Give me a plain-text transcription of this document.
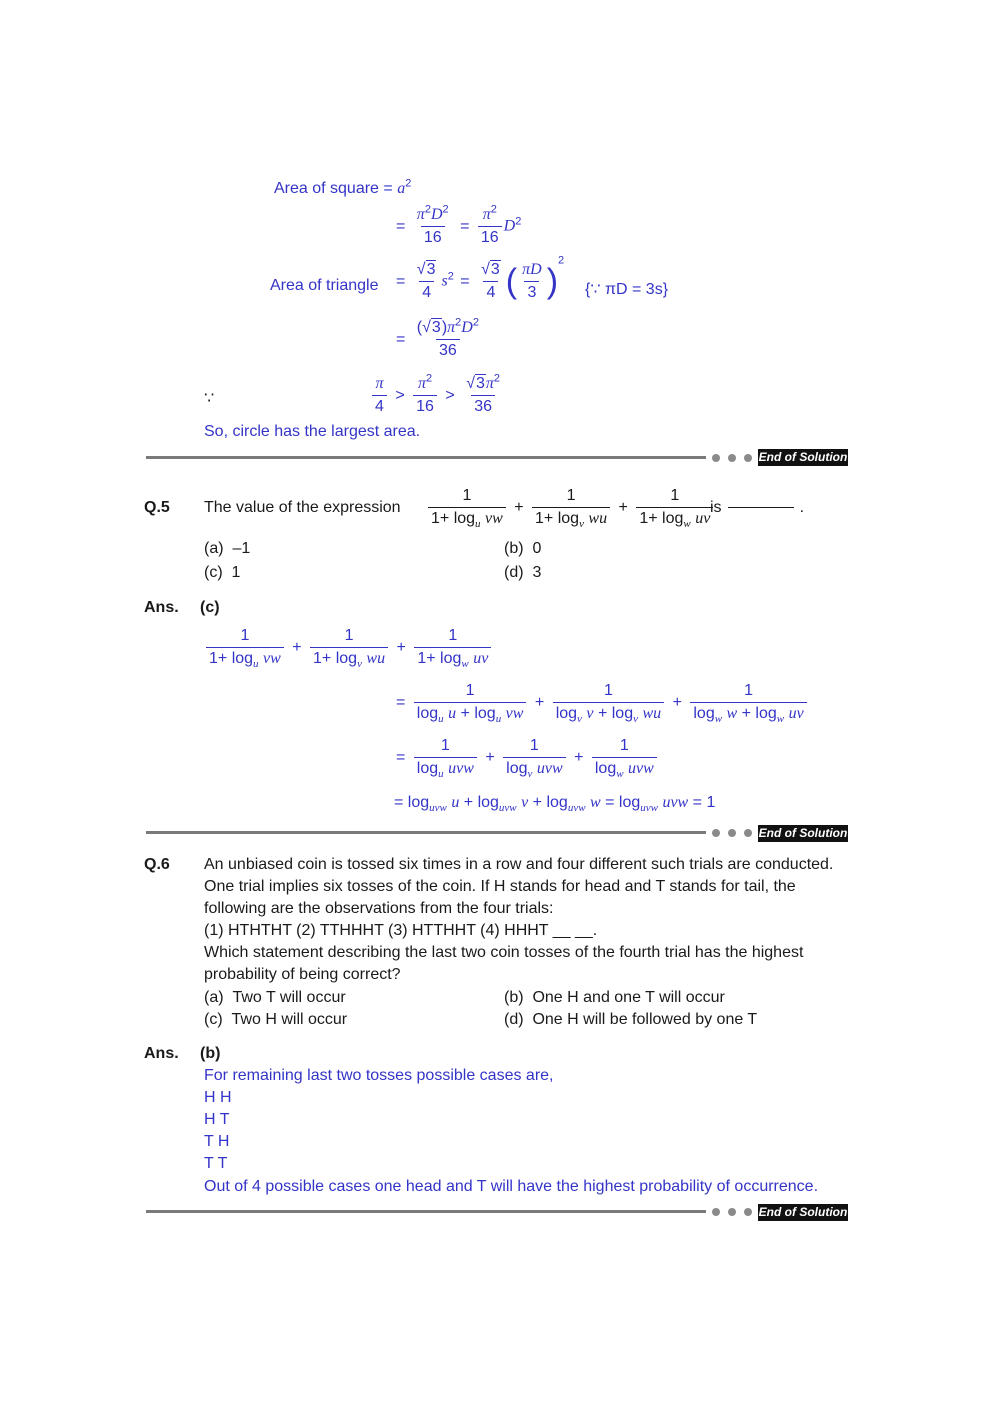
Area of square = $a^2$
= $\frac{\pi^2D^2}{16} = \frac{\pi^2}{16} D^2$
Area of triangle = $\frac{√3}{4} s^2 = \frac{√3}{4}$ ( $\frac{\pi D}{3} )^2$
{∵ πD = 3s}
= $\frac{(√3)\pi^2D^2}{36}$
∵	$\frac{\pi}{4} > \frac{\pi^2}{16} > \frac{√3\pi^2}{36}$
So, circle has the largest area.
End of Solution
Q.5 The value of the expression $\frac{1}{1+ \log_u vw} + \frac{1}{1+ \log_v wu} + \frac{1}{1+ \log_w uv}$
is	.
(a) –1	(b) 0
(c) 1	(d) 3
Ans. (c)
$\frac{1}{1+ \log_u vw} + \frac{1}{1+ \log_v wu} + \frac{1}{1+ \log_w uv}$
= $\frac{1}{\log_u u + \log_u vw} + \frac{1}{\log_v v + \log_v wu} + \frac{1}{\log_w w + \log_w uv}$
= $\frac{1}{\log_u uvw} + \frac{1}{\log_v uvw} + \frac{1}{\log_w uvw}$
= $\log_{uvw} u + \log_{uvw} v + \log_{uvw} w = \log_{uvw}$ uvw = 1
End of Solution
Q.6 An unbiased coin is tossed six times in a row and four different such trials are conducted.
One trial implies six tosses of the coin. If H stands for head and T stands for tail, the
following are the observations from the four trials:
(1) HTHTHT (2) TTHHHT (3) HTTHHT (4) HHHT __ __.
Which statement describing the last two coin tosses of the fourth trial has the highest
probability of being correct?
(a) Two T will occur	(b) One H and one T will occur
(c) Two H will occur	(d) One H will be followed by one T
Ans. (b)
For remaining last two tosses possible cases are,
H H
H T
T H
T T
Out of 4 possible cases one head and T will have the highest probability of occurrence.
End of Solution
